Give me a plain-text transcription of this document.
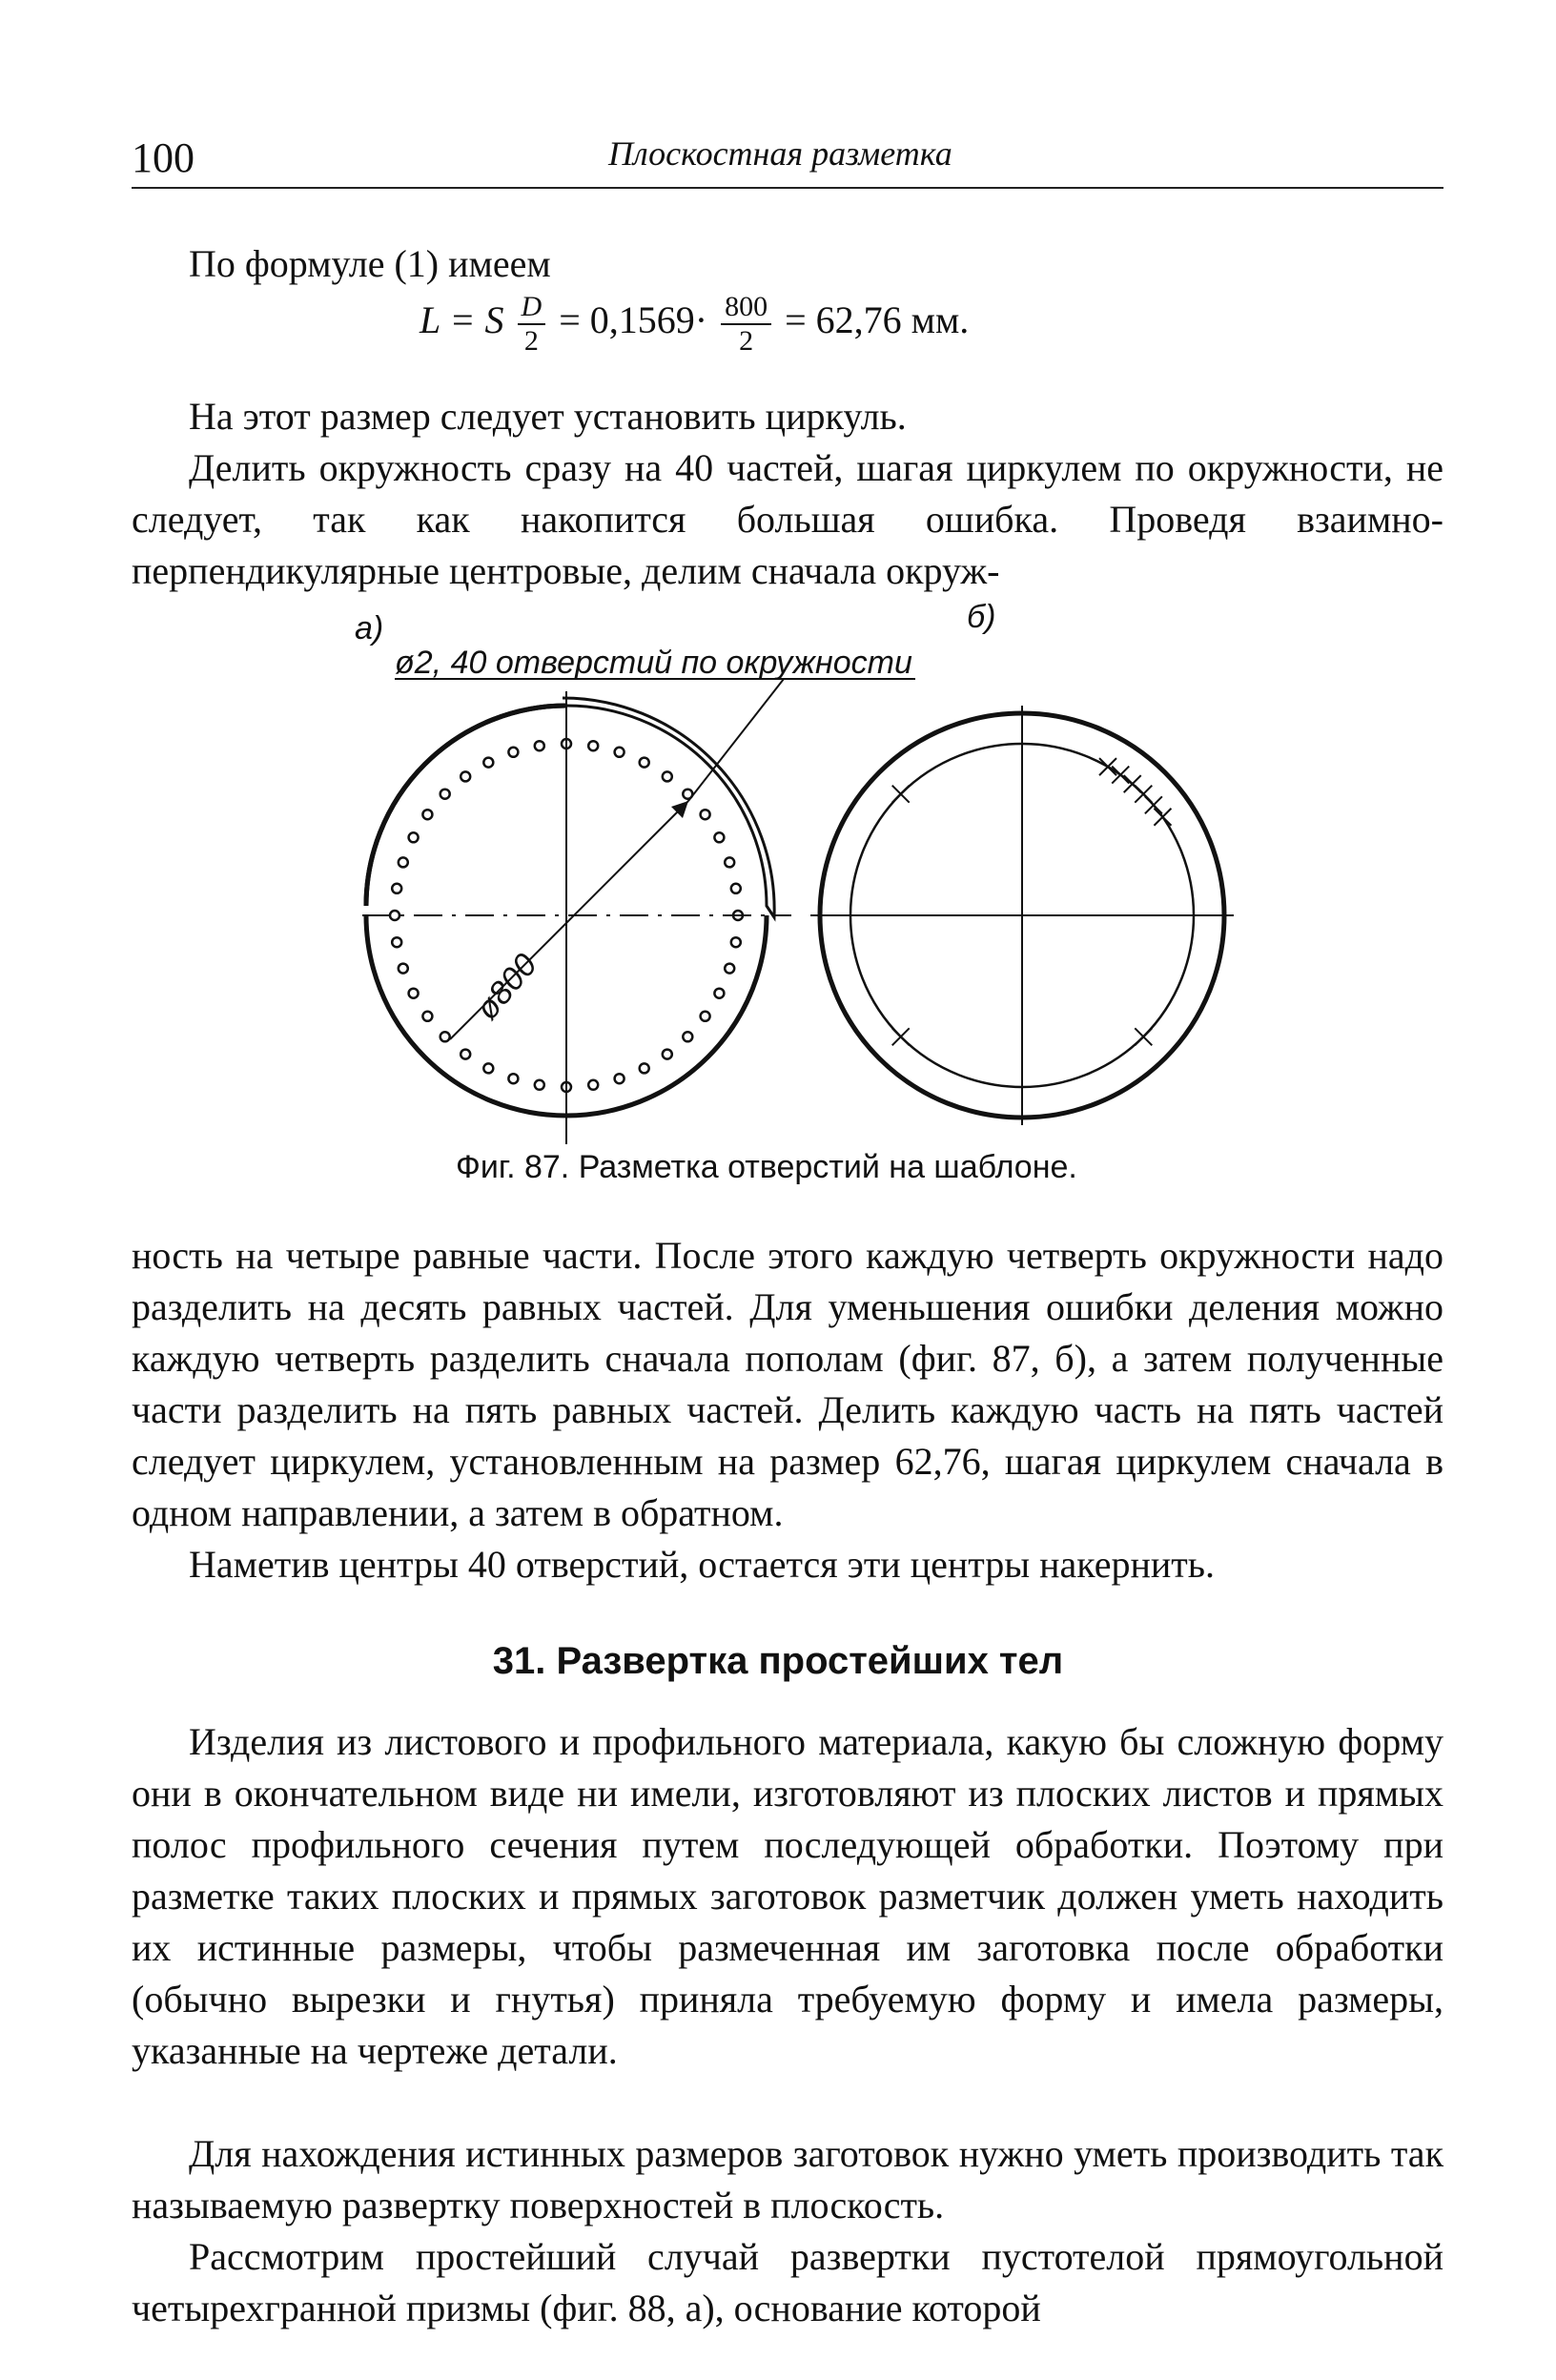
100	Плоскостная разметка
По формуле (1) имеем
L = S $\frac{D}{2} = 0,1569\cdot \frac{800}{2} = 62,76$ мм.
На этот размер следует установить циркуль.
Делить окружность сразу на 40 частей, шагая циркулем по окружности, не следует, так как накопится большая ошибка. Проведя взаимно-перпендикулярные центровые, делим сначала окруж-
а)	б)
ø2, 40 отверстий по окружности
ø800
Фиг. 87. Разметка отверстий на шаблоне.
ность на четыре равные части. После этого каждую четверть окружности надо разделить на десять равных частей. Для уменьшения ошибки деления можно каждую четверть разделить сначала пополам (фиг. 87, б), а затем полученные части разделить на пять равных частей. Делить каждую часть на пять частей следует циркулем, установленным на размер 62,76, шагая циркулем сначала в одном направлении, а затем в обратном.
Наметив центры 40 отверстий, остается эти центры накернить.
31. Развертка простейших тел
Изделия из листового и профильного материала, какую бы сложную форму они в окончательном виде ни имели, изготовляют из плоских листов и прямых полос профильного сечения путем последующей обработки. Поэтому при разметке таких плоских и прямых заготовок разметчик должен уметь находить их истинные размеры, чтобы размеченная им заготовка после обработки (обычно вырезки и гнутья) приняла требуемую форму и имела размеры, указанные на чертеже детали.
Для нахождения истинных размеров заготовок нужно уметь производить так называемую развертку поверхностей в плоскость.
Рассмотрим простейший случай развертки пустотелой прямоугольной четырехгранной призмы (фиг. 88, а), основание которой
